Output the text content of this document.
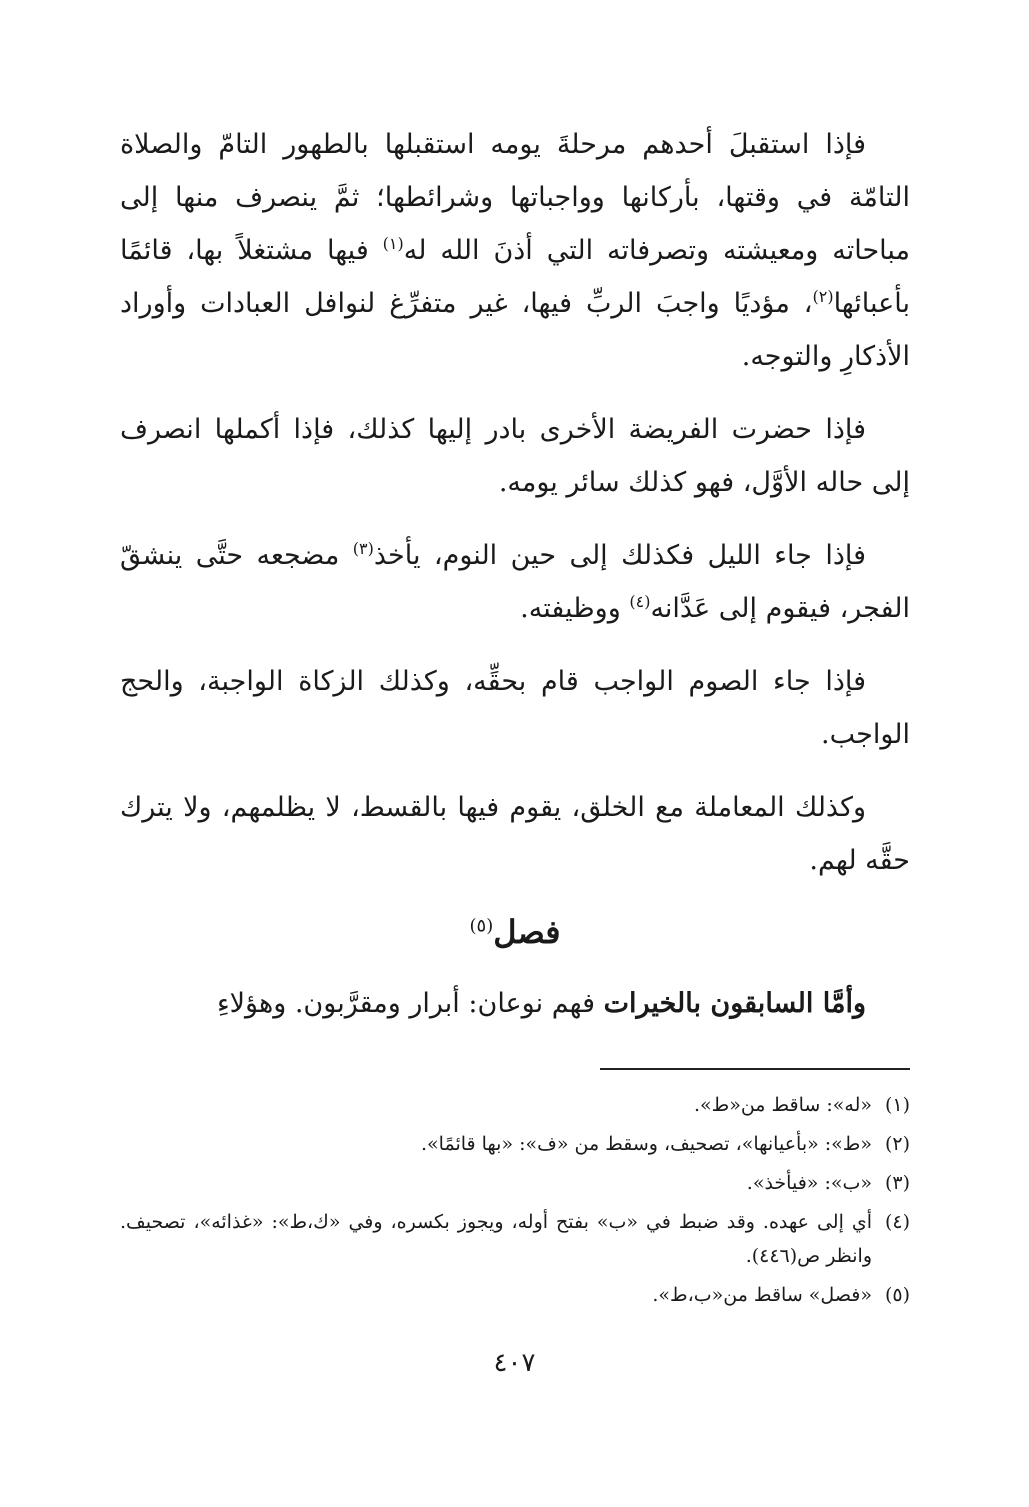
فإذا استقبلَ أحدهم مرحلةَ يومه استقبلها بالطهور التامّ والصلاة التامّة في وقتها، بأركانها وواجباتها وشرائطها؛ ثمَّ ينصرف منها إلى مباحاته ومعيشته وتصرفاته التي أذنَ الله له$^{(١)}$ فيها مشتغلاً بها، قائمًا بأعبائها$^{(٢)}$، مؤديًا واجبَ الربِّ فيها، غير متفرِّغ لنوافل العبادات وأوراد الأذكارِ والتوجه.

فإذا حضرت الفريضة الأخرى بادر إليها كذلك، فإذا أكملها انصرف إلى حاله الأوَّل، فهو كذلك سائر يومه.

فإذا جاء الليل فكذلك إلى حين النوم، يأخذ$^{(٣)}$ مضجعه حتَّى ينشقّ الفجر، فيقوم إلى عَدَّانه$^{(٤)}$ ووظيفته.

فإذا جاء الصوم الواجب قام بحقِّه، وكذلك الزكاة الواجبة، والحج الواجب.

وكذلك المعاملة مع الخلق، يقوم فيها بالقسط، لا يظلمهم، ولا يترك حقَّه لهم.

فصل$^{(٥)}$

وأمَّا السابقون بالخيرات فهم نوعان: أبرار ومقرَّبون. وهؤلاءِ

(١)
«له»: ساقط من«ط».
(٢)
«ط»: «بأعيانها»، تصحيف، وسقط من «ف»: «بها قائمًا».
(٣)
«ب»: «فيأخذ».
(٤)
أي إلى عهده. وقد ضبط في «ب» بفتح أوله، ويجوز بكسره، وفي «ك،ط»: «غذائه»، تصحيف. وانظر ص(٤٤٦).
(٥)
«فصل» ساقط من«ب،ط».
٤٠٧
